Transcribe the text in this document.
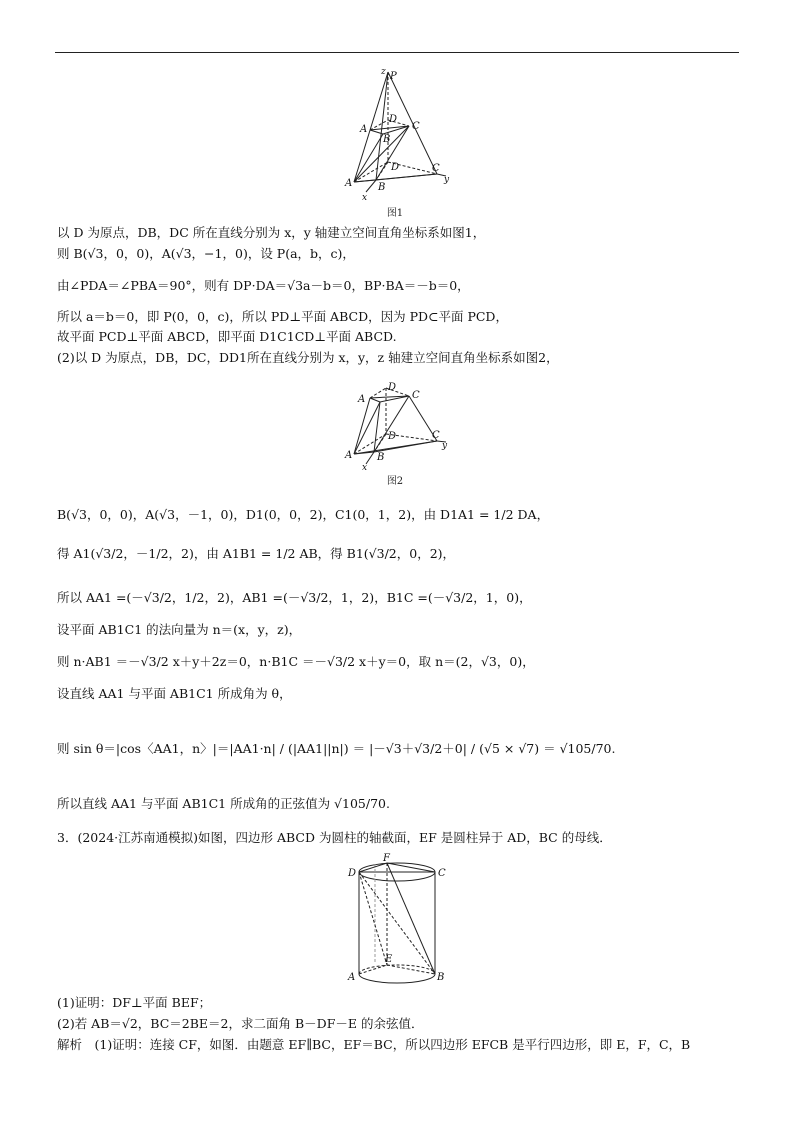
z P
A
D
C
B
D	C
y
A	B
x
图1
以 D 为原点，DB，DC 所在直线分别为 x，y 轴建立空间直角坐标系如图1，
则 B(√3，0，0)，A(√3，−1，0)，设 P(a，b，c)，
由∠PDA＝∠PBA＝90°，则有 DP·DA＝√3a－b＝0，BP·BA＝－b＝0，
所以 a＝b＝0，即 P(0，0，c)，所以 PD⊥平面 ABCD，因为 PD⊂平面 PCD，
故平面 PCD⊥平面 ABCD，即平面 D1C1CD⊥平面 ABCD.
(2)以 D 为原点，DB，DC，DD1所在直线分别为 x，y，z 轴建立空间直角坐标系如图2，
D
C
A
D	C
y
A B
x
图2
B(√3，0，0)，A(√3，－1，0)，D1(0，0，2)，C1(0，1，2)，由 D1A1 = 1/2 DA，
得 A1(√3/2，－1/2，2)，由 A1B1 = 1/2 AB，得 B1(√3/2，0，2)，
所以 AA1 =(－√3/2，1/2，2)，AB1 =(－√3/2，1，2)，B1C =(－√3/2，1，0)，
设平面 AB1C1 的法向量为 n＝(x，y，z)，
则 n·AB1 ＝－√3/2 x＋y＋2z＝0，n·B1C ＝－√3/2 x＋y＝0，取 n＝(2，√3，0)，
设直线 AA1 与平面 AB1C1 所成角为 θ，
则 sin θ＝|cos〈AA1，n〉|＝|AA1·n| / (|AA1||n|) ＝ |－√3＋√3/2＋0| / (√5 × √7) ＝ √105/70.
所以直线 AA1 与平面 AB1C1 所成角的正弦值为 √105/70.
3．(2024·江苏南通模拟)如图，四边形 ABCD 为圆柱的轴截面，EF 是圆柱异于 AD，BC 的母线．
F
D	C
E
A	B
(1)证明：DF⊥平面 BEF；
(2)若 AB＝√2，BC＝2BE＝2，求二面角 B－DF－E 的余弦值．
解析　(1)证明：连接 CF，如图．由题意 EF∥BC，EF＝BC，所以四边形 EFCB 是平行四边形，即 E，F，C，B
